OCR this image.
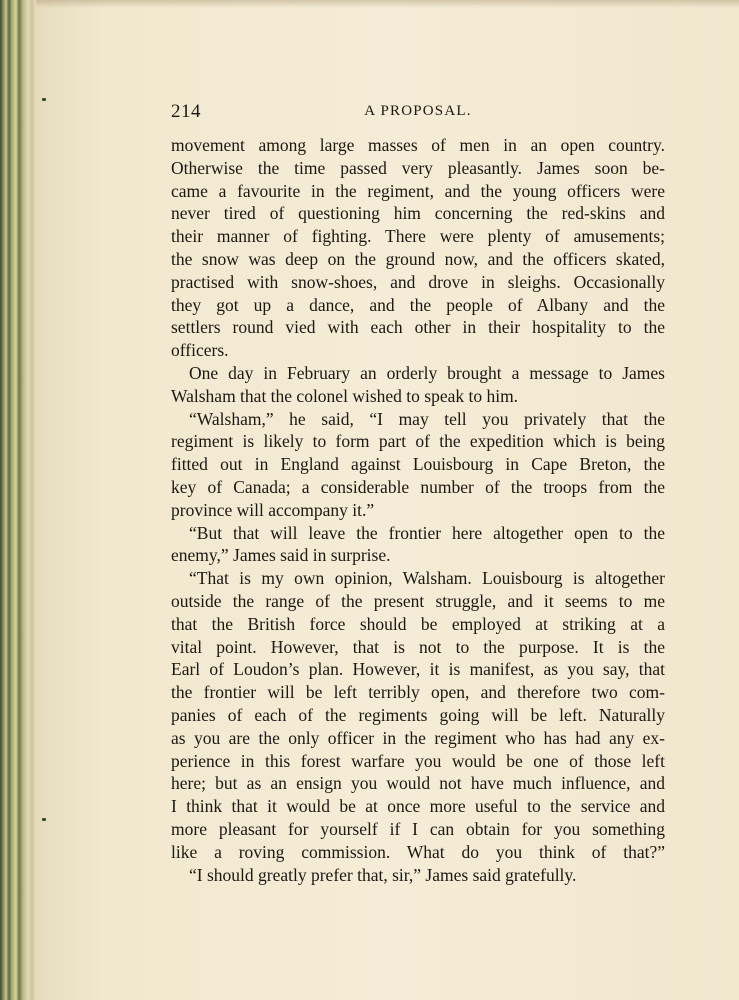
214	A PROPOSAL.
movement among large masses of men in an open country.
Otherwise the time passed very pleasantly. James soon be-
came a favourite in the regiment, and the young officers were
never tired of questioning him concerning the red-skins and
their manner of fighting. There were plenty of amusements;
the snow was deep on the ground now, and the officers skated,
practised with snow-shoes, and drove in sleighs. Occasionally
they got up a dance, and the people of Albany and the
settlers round vied with each other in their hospitality to the
officers.
One day in February an orderly brought a message to James
Walsham that the colonel wished to speak to him.
“Walsham,” he said, “I may tell you privately that the
regiment is likely to form part of the expedition which is being
fitted out in England against Louisbourg in Cape Breton, the
key of Canada; a considerable number of the troops from the
province will accompany it.”
“But that will leave the frontier here altogether open to the
enemy,” James said in surprise.
“That is my own opinion, Walsham. Louisbourg is altogether
outside the range of the present struggle, and it seems to me
that the British force should be employed at striking at a
vital point. However, that is not to the purpose. It is the
Earl of Loudon’s plan. However, it is manifest, as you say, that
the frontier will be left terribly open, and therefore two com-
panies of each of the regiments going will be left. Naturally
as you are the only officer in the regiment who has had any ex-
perience in this forest warfare you would be one of those left
here; but as an ensign you would not have much influence, and
I think that it would be at once more useful to the service and
more pleasant for yourself if I can obtain for you something
like a roving commission. What do you think of that?”
“I should greatly prefer that, sir,” James said gratefully.
